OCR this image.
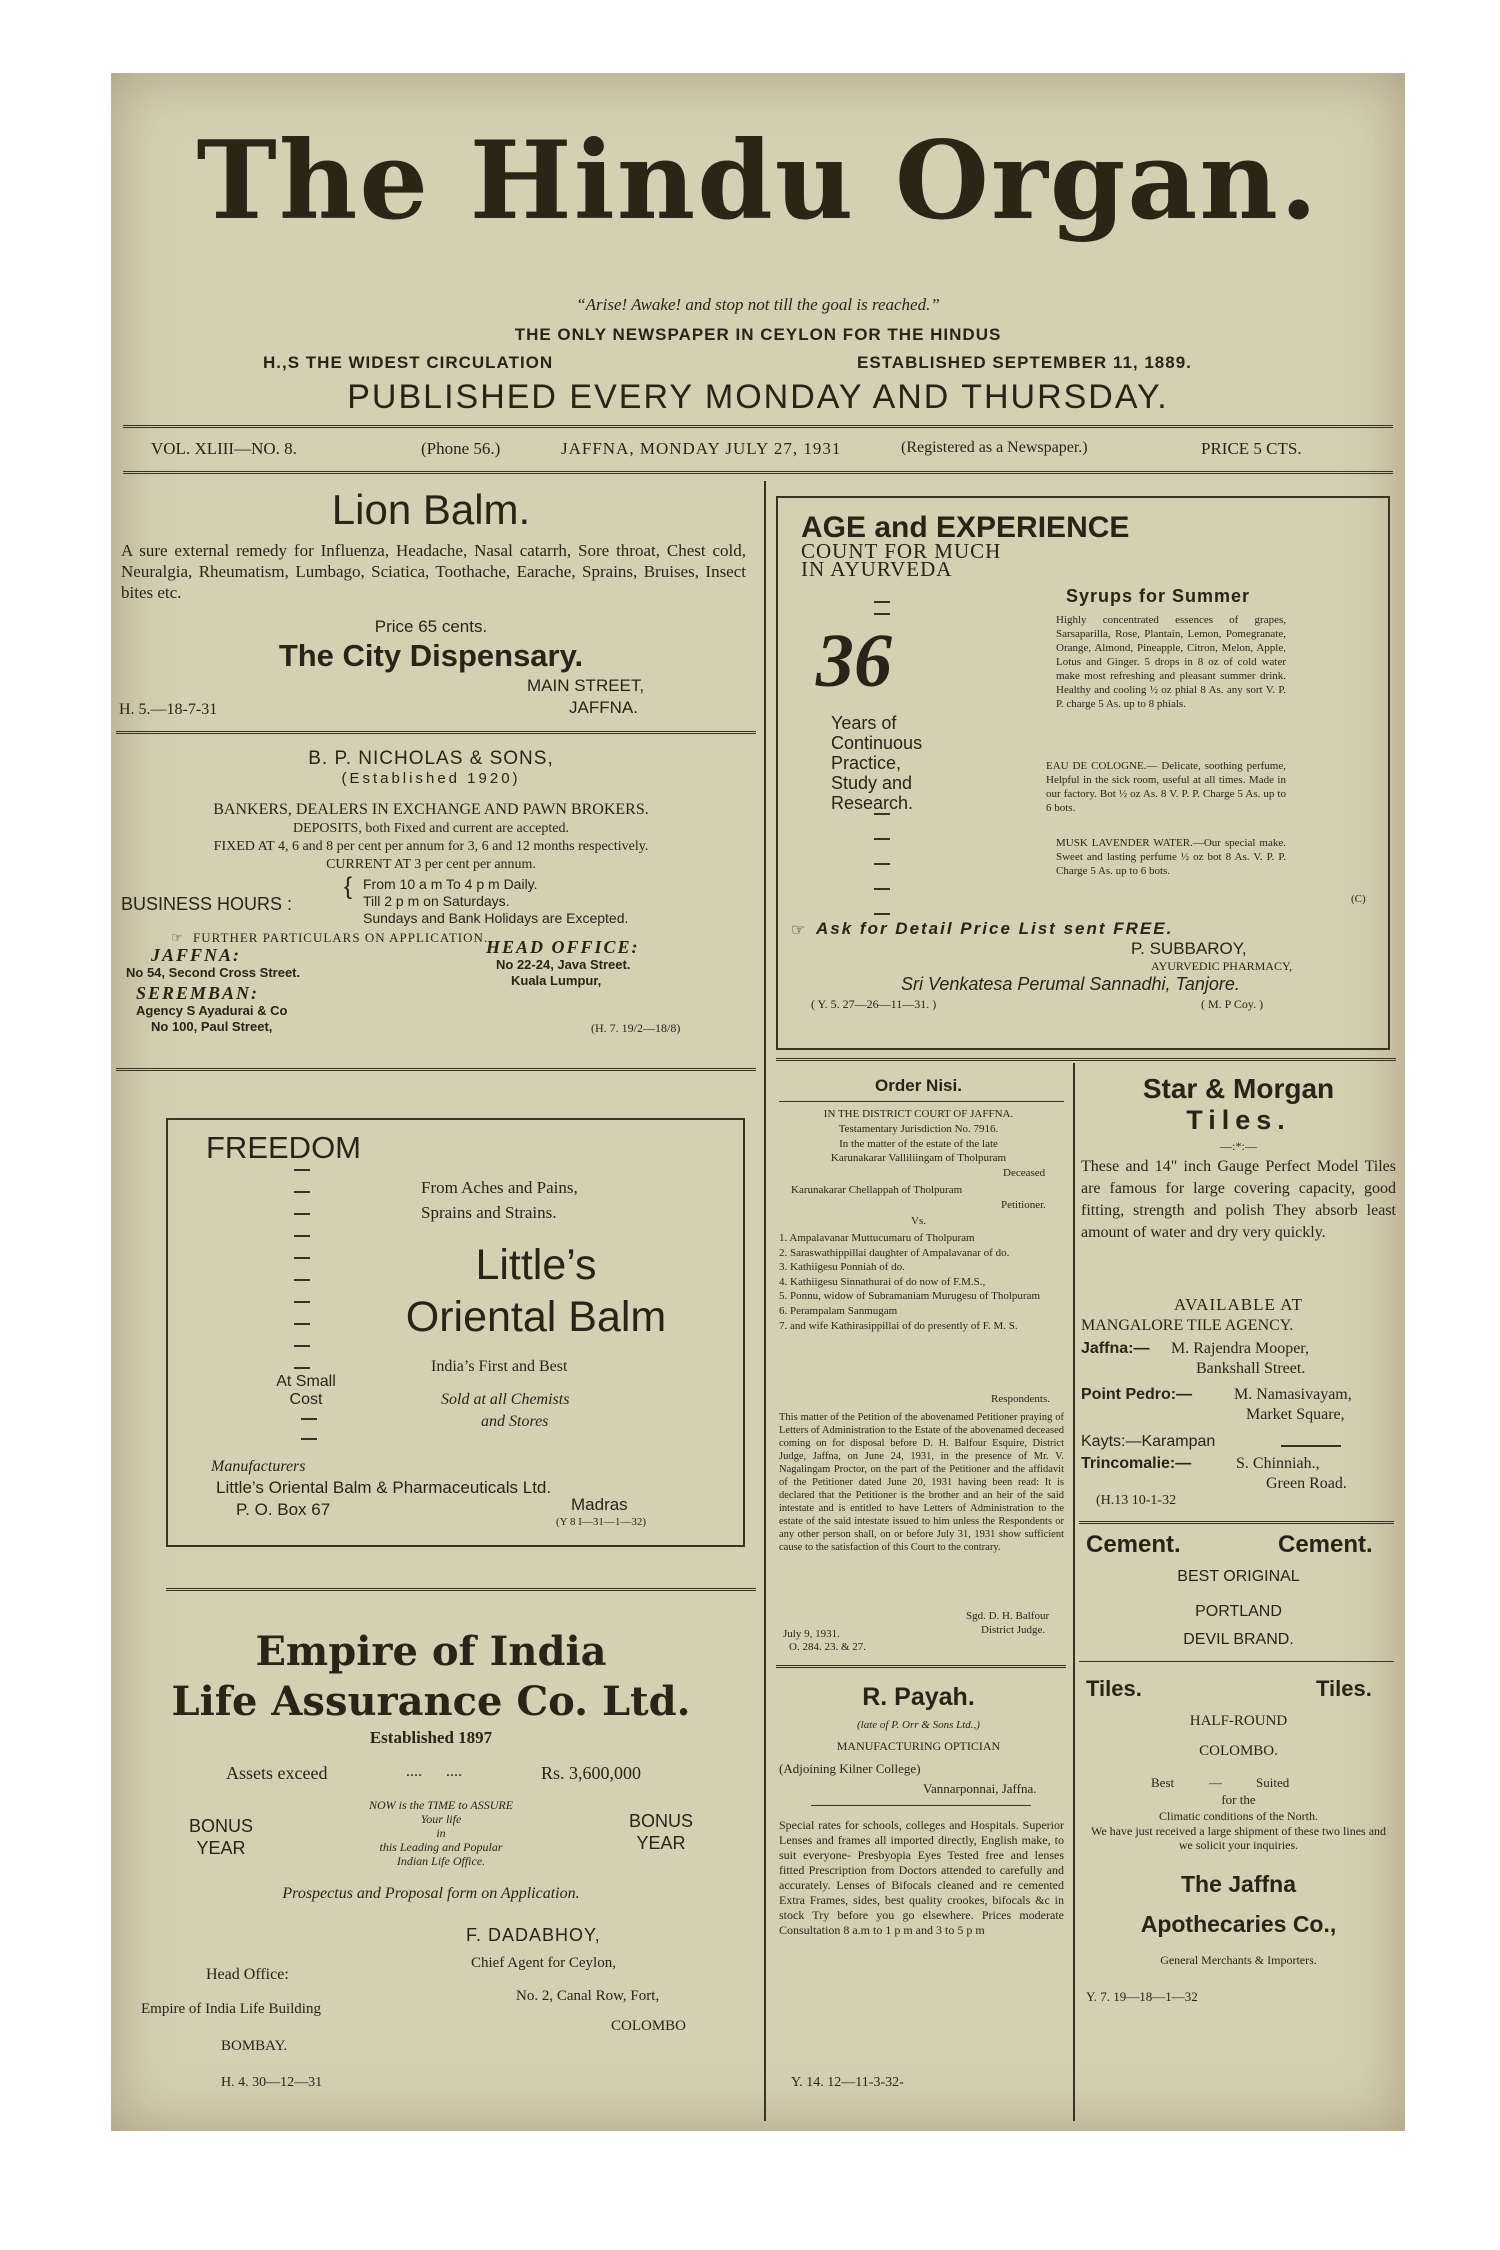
The Hindu Organ.
“Arise! Awake! and stop not till the goal is reached.”
THE ONLY NEWSPAPER IN CEYLON FOR THE HINDUS
H.,S THE WIDEST CIRCULATION	ESTABLISHED SEPTEMBER 11, 1889.
PUBLISHED EVERY MONDAY AND THURSDAY.
VOL. XLIII—NO. 8.	(Phone 56.)	JAFFNA, MONDAY JULY 27, 1931	(Registered as a Newspaper.)	PRICE 5 CTS.
Lion Balm.
A sure external remedy for Influenza, Headache, Nasal catarrh, Sore throat, Chest cold, Neuralgia, Rheumatism, Lumbago, Sciatica, Toothache, Earache, Sprains, Bruises, Insect bites etc.
Price 65 cents.
The City Dispensary.
MAIN STREET,
JAFFNA.
H. 5.—18-7-31
B. P. NICHOLAS & SONS,
(Established 1920)
BANKERS, DEALERS IN EXCHANGE AND PAWN BROKERS.
DEPOSITS, both Fixed and current are accepted.
FIXED AT 4, 6 and 8 per cent per annum for 3, 6 and 12 months respectively.
CURRENT AT 3 per cent per annum.
BUSINESS HOURS :
{ From 10 a m To 4 p m Daily.
Till 2 p m on Saturdays.
Sundays and Bank Holidays are Excepted.
☞ FURTHER PARTICULARS ON APPLICATION.
JAFFNA:
No 54, Second Cross Street.
HEAD OFFICE:
No 22-24, Java Street.
Kuala Lumpur,
SEREMBAN:
Agency S Ayadurai & Co
No 100, Paul Street,	(H. 7. 19/2—18/8)
AGE and EXPERIENCE
COUNT FOR MUCH
IN AYURVEDA
36
Years of
Continuous
Practice,
Study and
Research.
Syrups for Summer
Highly concentrated essences of grapes, Sarsaparilla, Rose, Plantain, Lemon, Pomegranate, Orange, Almond, Pineapple, Citron, Melon, Apple, Lotus and Ginger. 5 drops in 8 oz of cold water make most refreshing and pleasant summer drink. Healthy and cooling ½ oz phial 8 As. any sort V. P. P. charge 5 As. up to 8 phials.
EAU DE COLOGNE.— Delicate, soothing perfume, Helpful in the sick room, useful at all times. Made in our factory. Bot ½ oz As. 8 V. P. P. Charge 5 As. up to 6 bots.
MUSK LAVENDER WATER.—Our special make. Sweet and lasting perfume ½ oz bot 8 As. V. P. P. Charge 5 As. up to 6 bots.
(C)
☞ Ask for Detail Price List sent FREE.
P. SUBBAROY,
AYURVEDIC PHARMACY,
Sri Venkatesa Perumal Sannadhi, Tanjore.
( Y. 5. 27—26—11—31. )	( M. P Coy. )
FREEDOM
From Aches and Pains,
Sprains and Strains.
Little’s
Oriental Balm
India’s First and Best
At Small
Cost	Sold at all Chemists
and Stores
Manufacturers
Little’s Oriental Balm & Pharmaceuticals Ltd.
P. O. Box 67	Madras
(Y 8 I—31—1—32)
Empire of India
Life Assurance Co. Ltd.
Established 1897
Assets exceed	....      ....	Rs. 3,600,000
BONUS
YEAR
BONUS
YEAR
NOW is the TIME to ASSURE
Your life
in
this Leading and Popular
Indian Life Office.
Prospectus and Proposal form on Application.
F. DADABHOY,
Chief Agent for Ceylon,
Head Office:
No. 2, Canal Row, Fort,
Empire of India Life Building
COLOMBO
BOMBAY.
H. 4. 30—12—31
Order Nisi.
IN THE DISTRICT COURT OF JAFFNA.
Testamentary Jurisdiction No. 7916.
In the matter of the estate of the late
Karunakarar Valliliingam of Tholpuram
Deceased
Karunakarar Chellappah of Tholpuram
Petitioner.
Vs.
1. Ampalavanar Muttucumaru of Tholpuram
2. Saraswathippillai daughter of Ampalavanar of do.
3. Kathiigesu Ponniah of do.
4. Kathiigesu Sinnathurai of do now of F.M.S.,
5. Ponnu, widow of Subramaniam Murugesu of Tholpuram
6. Perampalam Sanmugam
7. and wife Kathirasippillai of do presently of F. M. S.
Respondents.
This matter of the Petition of the abovenamed Petitioner praying of Letters of Administration to the Estate of the abovenamed deceased coming on for disposal before D. H. Balfour Esquire, District Judge, Jaffna, on June 24, 1931, in the presence of Mr. V. Nagalingam Proctor, on the part of the Petitioner and the affidavit of the Petitioner dated June 20, 1931 having been read: It is declared that the Petitioner is the brother and an heir of the said intestate and is entitled to have Letters of Administration to the estate of the said intestate issued to him unless the Respondents or any other person shall, on or before July 31, 1931 show sufficient cause to the satisfaction of this Court to the contrary.
Sgd. D. H. Balfour
District Judge.
July 9, 1931.
O. 284. 23. & 27.
R. Payah.
(late of P. Orr & Sons Ltd.,)
MANUFACTURING OPTICIAN
(Adjoining Kilner College)
Vannarponnai, Jaffna.
Special rates for schools, colleges and Hospitals. Superior Lenses and frames all imported directly, English make, to suit everyone- Presbyopia Eyes Tested free and lenses fitted Prescription from Doctors attended to carefully and accurately. Lenses of Bifocals cleaned and re cemented Extra Frames, sides, best quality crookes, bifocals &c in stock Try before you go elsewhere. Prices moderate Consultation 8 a.m to 1 p m and 3 to 5 p m
Y. 14. 12—11-3-32-
Star & Morgan
Tiles.
—:*:—
These and 14" inch Gauge Perfect Model Tiles are famous for large covering capacity, good fitting, strength and polish They absorb least amount of water and dry very quickly.
AVAILABLE AT
MANGALORE TILE AGENCY.
Jaffna:— M. Rajendra Mooper,
Bankshall Street.
Point Pedro:—	M. Namasivayam,
Market Square,
Kayts:—Karampan
Trincomalie:—	S. Chinniah.,
Green Road.
(H.13 10-1-32
Cement.	Cement.
BEST ORIGINAL
PORTLAND
DEVIL BRAND.
Tiles.	Tiles.
HALF-ROUND
COLOMBO.
Best	—	Suited
for the
Climatic conditions of the North.
We have just received a large shipment of these two lines and we solicit your inquiries.
The Jaffna
Apothecaries Co.,
General Merchants & Importers.
Y. 7. 19—18—1—32
